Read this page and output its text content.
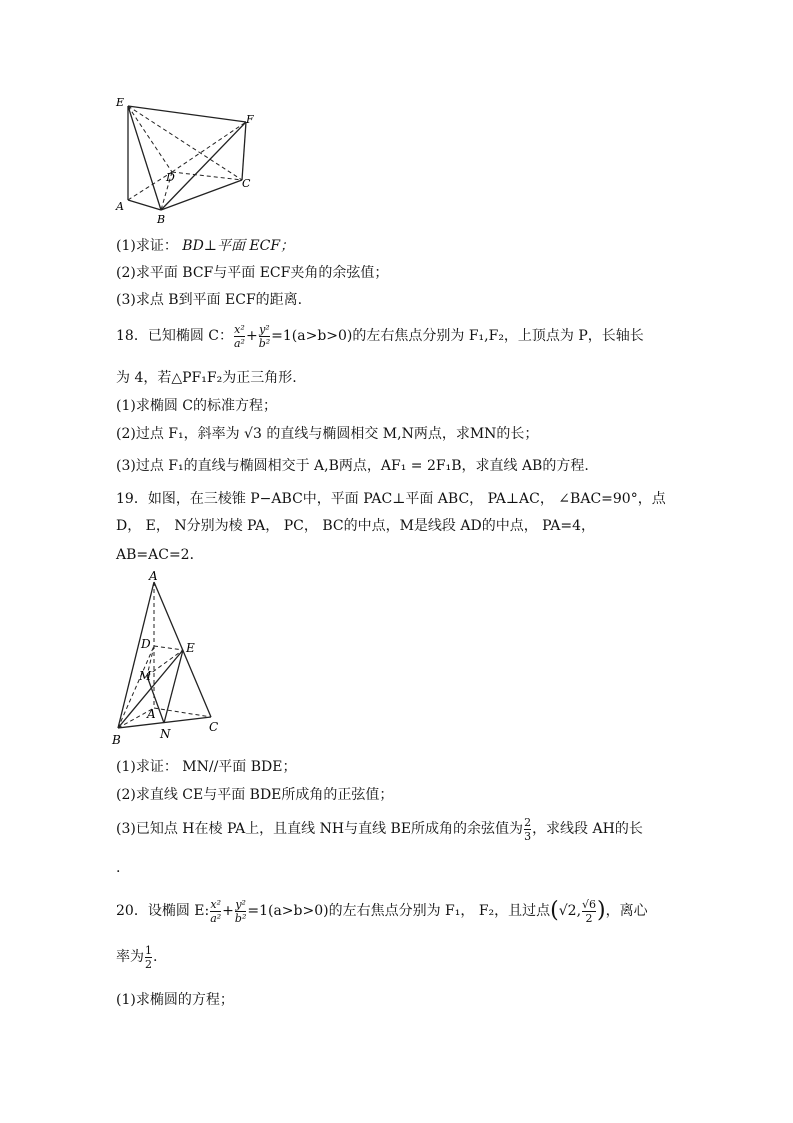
E
F
D	C
A
B
(1)求证： BD⊥平面 ECF；
(2)求平面 BCF与平面 ECF夹角的余弦值；
(3)求点 B到平面 ECF的距离.
18．已知椭圆 C： $\frac{\text{x²}}{\text{a²}} + \frac{\text{y²}}{\text{b²}} =1(a>b>0)$的左右焦点分别为 F₁,F₂，上顶点为 P，长轴长
为 4，若△PF₁F₂为正三角形.
(1)求椭圆 C的标准方程；
(2)过点 F₁，斜率为 √3 的直线与椭圆相交 M,N两点，求MN的长；
(3)过点 F₁的直线与椭圆相交于 A,B两点，AF₁ = 2F₁B，求直线 AB的方程.
19．如图，在三棱锥 P−ABC中，平面 PAC⊥平面 ABC， PA⊥AC， ∠BAC=90°，点
D， E， N分别为棱 PA， PC， BC的中点，M是线段 AD的中点， PA=4，
AB=AC=2．
A
D	E
M
A
B	N	C
(1)求证： MN//平面 BDE；
(2)求直线 CE与平面 BDE所成角的正弦值；
(3)已知点 H在棱 PA上，且直线 NH与直线 BE所成角的余弦值为 $\frac{2}{3}$ ，求线段 AH的长
.
20．设椭圆 E: $\frac{\text{x²}}{\text{a²}} + \frac{\text{y²}}{\text{b²}} =1(a>b>0)$的左右焦点分别为 F₁， F₂，且过点(√2, $\frac{√6}{2}$ )，离心
率为 $\frac{1}{2}$ .
(1)求椭圆的方程；
